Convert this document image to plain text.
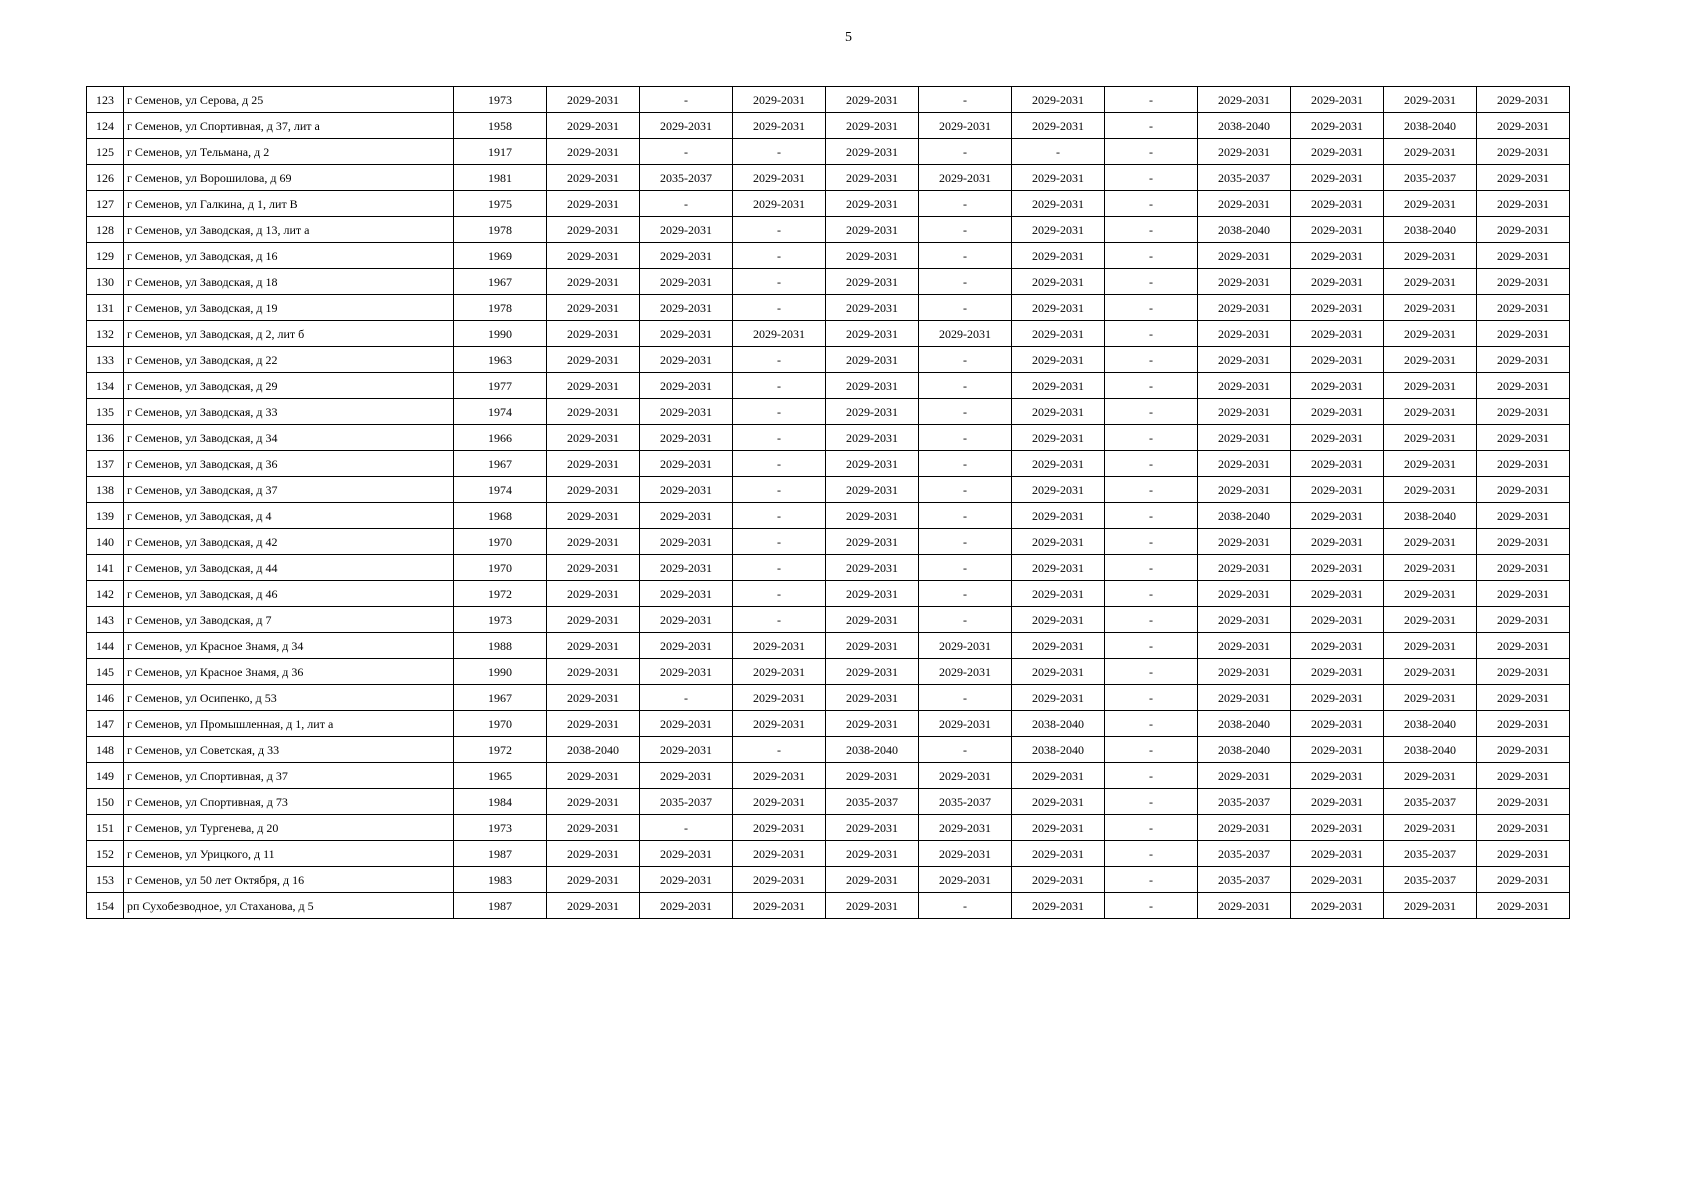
5
123	г Семенов, ул Серова, д 25	1973	2029-2031	-	2029-2031	2029-2031	-	2029-2031	-	2029-2031	2029-2031	2029-2031	2029-2031
124	г Семенов, ул Спортивная, д 37, лит а	1958	2029-2031	2029-2031	2029-2031	2029-2031	2029-2031	2029-2031	-	2038-2040	2029-2031	2038-2040	2029-2031
125	г Семенов, ул Тельмана, д 2	1917	2029-2031	-	-	2029-2031	-	-	-	2029-2031	2029-2031	2029-2031	2029-2031
126	г Семенов, ул Ворошилова, д 69	1981	2029-2031	2035-2037	2029-2031	2029-2031	2029-2031	2029-2031	-	2035-2037	2029-2031	2035-2037	2029-2031
127	г Семенов, ул Галкина, д 1, лит В	1975	2029-2031	-	2029-2031	2029-2031	-	2029-2031	-	2029-2031	2029-2031	2029-2031	2029-2031
128	г Семенов, ул Заводская, д 13, лит а	1978	2029-2031	2029-2031	-	2029-2031	-	2029-2031	-	2038-2040	2029-2031	2038-2040	2029-2031
129	г Семенов, ул Заводская, д 16	1969	2029-2031	2029-2031	-	2029-2031	-	2029-2031	-	2029-2031	2029-2031	2029-2031	2029-2031
130	г Семенов, ул Заводская, д 18	1967	2029-2031	2029-2031	-	2029-2031	-	2029-2031	-	2029-2031	2029-2031	2029-2031	2029-2031
131	г Семенов, ул Заводская, д 19	1978	2029-2031	2029-2031	-	2029-2031	-	2029-2031	-	2029-2031	2029-2031	2029-2031	2029-2031
132	г Семенов, ул Заводская, д 2, лит б	1990	2029-2031	2029-2031	2029-2031	2029-2031	2029-2031	2029-2031	-	2029-2031	2029-2031	2029-2031	2029-2031
133	г Семенов, ул Заводская, д 22	1963	2029-2031	2029-2031	-	2029-2031	-	2029-2031	-	2029-2031	2029-2031	2029-2031	2029-2031
134	г Семенов, ул Заводская, д 29	1977	2029-2031	2029-2031	-	2029-2031	-	2029-2031	-	2029-2031	2029-2031	2029-2031	2029-2031
135	г Семенов, ул Заводская, д 33	1974	2029-2031	2029-2031	-	2029-2031	-	2029-2031	-	2029-2031	2029-2031	2029-2031	2029-2031
136	г Семенов, ул Заводская, д 34	1966	2029-2031	2029-2031	-	2029-2031	-	2029-2031	-	2029-2031	2029-2031	2029-2031	2029-2031
137	г Семенов, ул Заводская, д 36	1967	2029-2031	2029-2031	-	2029-2031	-	2029-2031	-	2029-2031	2029-2031	2029-2031	2029-2031
138	г Семенов, ул Заводская, д 37	1974	2029-2031	2029-2031	-	2029-2031	-	2029-2031	-	2029-2031	2029-2031	2029-2031	2029-2031
139	г Семенов, ул Заводская, д 4	1968	2029-2031	2029-2031	-	2029-2031	-	2029-2031	-	2038-2040	2029-2031	2038-2040	2029-2031
140	г Семенов, ул Заводская, д 42	1970	2029-2031	2029-2031	-	2029-2031	-	2029-2031	-	2029-2031	2029-2031	2029-2031	2029-2031
141	г Семенов, ул Заводская, д 44	1970	2029-2031	2029-2031	-	2029-2031	-	2029-2031	-	2029-2031	2029-2031	2029-2031	2029-2031
142	г Семенов, ул Заводская, д 46	1972	2029-2031	2029-2031	-	2029-2031	-	2029-2031	-	2029-2031	2029-2031	2029-2031	2029-2031
143	г Семенов, ул Заводская, д 7	1973	2029-2031	2029-2031	-	2029-2031	-	2029-2031	-	2029-2031	2029-2031	2029-2031	2029-2031
144	г Семенов, ул Красное Знамя, д 34	1988	2029-2031	2029-2031	2029-2031	2029-2031	2029-2031	2029-2031	-	2029-2031	2029-2031	2029-2031	2029-2031
145	г Семенов, ул Красное Знамя, д 36	1990	2029-2031	2029-2031	2029-2031	2029-2031	2029-2031	2029-2031	-	2029-2031	2029-2031	2029-2031	2029-2031
146	г Семенов, ул Осипенко, д 53	1967	2029-2031	-	2029-2031	2029-2031	-	2029-2031	-	2029-2031	2029-2031	2029-2031	2029-2031
147	г Семенов, ул Промышленная, д 1, лит а	1970	2029-2031	2029-2031	2029-2031	2029-2031	2029-2031	2038-2040	-	2038-2040	2029-2031	2038-2040	2029-2031
148	г Семенов, ул Советская, д 33	1972	2038-2040	2029-2031	-	2038-2040	-	2038-2040	-	2038-2040	2029-2031	2038-2040	2029-2031
149	г Семенов, ул Спортивная, д 37	1965	2029-2031	2029-2031	2029-2031	2029-2031	2029-2031	2029-2031	-	2029-2031	2029-2031	2029-2031	2029-2031
150	г Семенов, ул Спортивная, д 73	1984	2029-2031	2035-2037	2029-2031	2035-2037	2035-2037	2029-2031	-	2035-2037	2029-2031	2035-2037	2029-2031
151	г Семенов, ул Тургенева, д 20	1973	2029-2031	-	2029-2031	2029-2031	2029-2031	2029-2031	-	2029-2031	2029-2031	2029-2031	2029-2031
152	г Семенов, ул Урицкого, д 11	1987	2029-2031	2029-2031	2029-2031	2029-2031	2029-2031	2029-2031	-	2035-2037	2029-2031	2035-2037	2029-2031
153	г Семенов, ул 50 лет Октября, д 16	1983	2029-2031	2029-2031	2029-2031	2029-2031	2029-2031	2029-2031	-	2035-2037	2029-2031	2035-2037	2029-2031
154	рп Сухобезводное, ул Стаханова, д 5	1987	2029-2031	2029-2031	2029-2031	2029-2031	-	2029-2031	-	2029-2031	2029-2031	2029-2031	2029-2031
